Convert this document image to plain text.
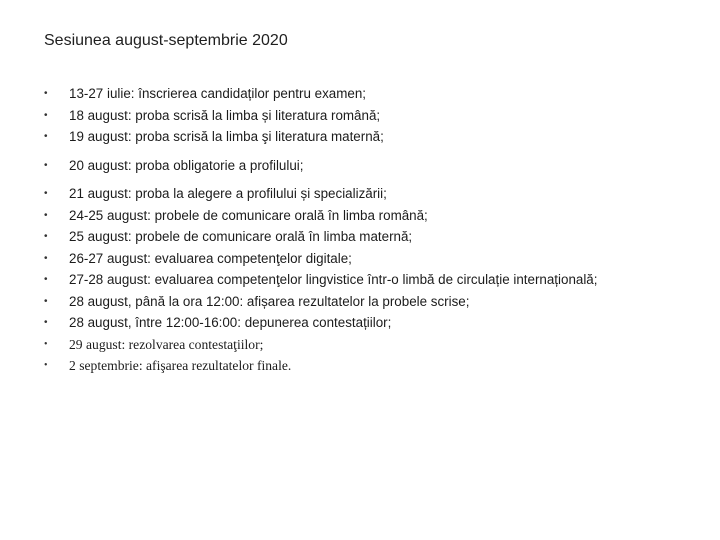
Sesiunea august-septembrie 2020
• 13-27 iulie: înscrierea candidaților pentru examen;
• 18 august: proba scrisă la limba și literatura română;
• 19 august: proba scrisă la limba şi literatura maternă;
• 20 august: proba obligatorie a profilului;
• 21 august: proba la alegere a profilului și specializării;
• 24-25 august: probele de comunicare orală în limba română;
• 25 august: probele de comunicare orală în limba maternă;
• 26-27 august: evaluarea competenţelor digitale;
• 27-28 august: evaluarea competenţelor lingvistice într-o limbă de circulație internațională;
• 28 august, până la ora 12:00: afișarea rezultatelor la probele scrise;
• 28 august, între 12:00-16:00: depunerea contestațiilor;
• 29 august: rezolvarea contestaţiilor;
• 2 septembrie: afişarea rezultatelor finale.
